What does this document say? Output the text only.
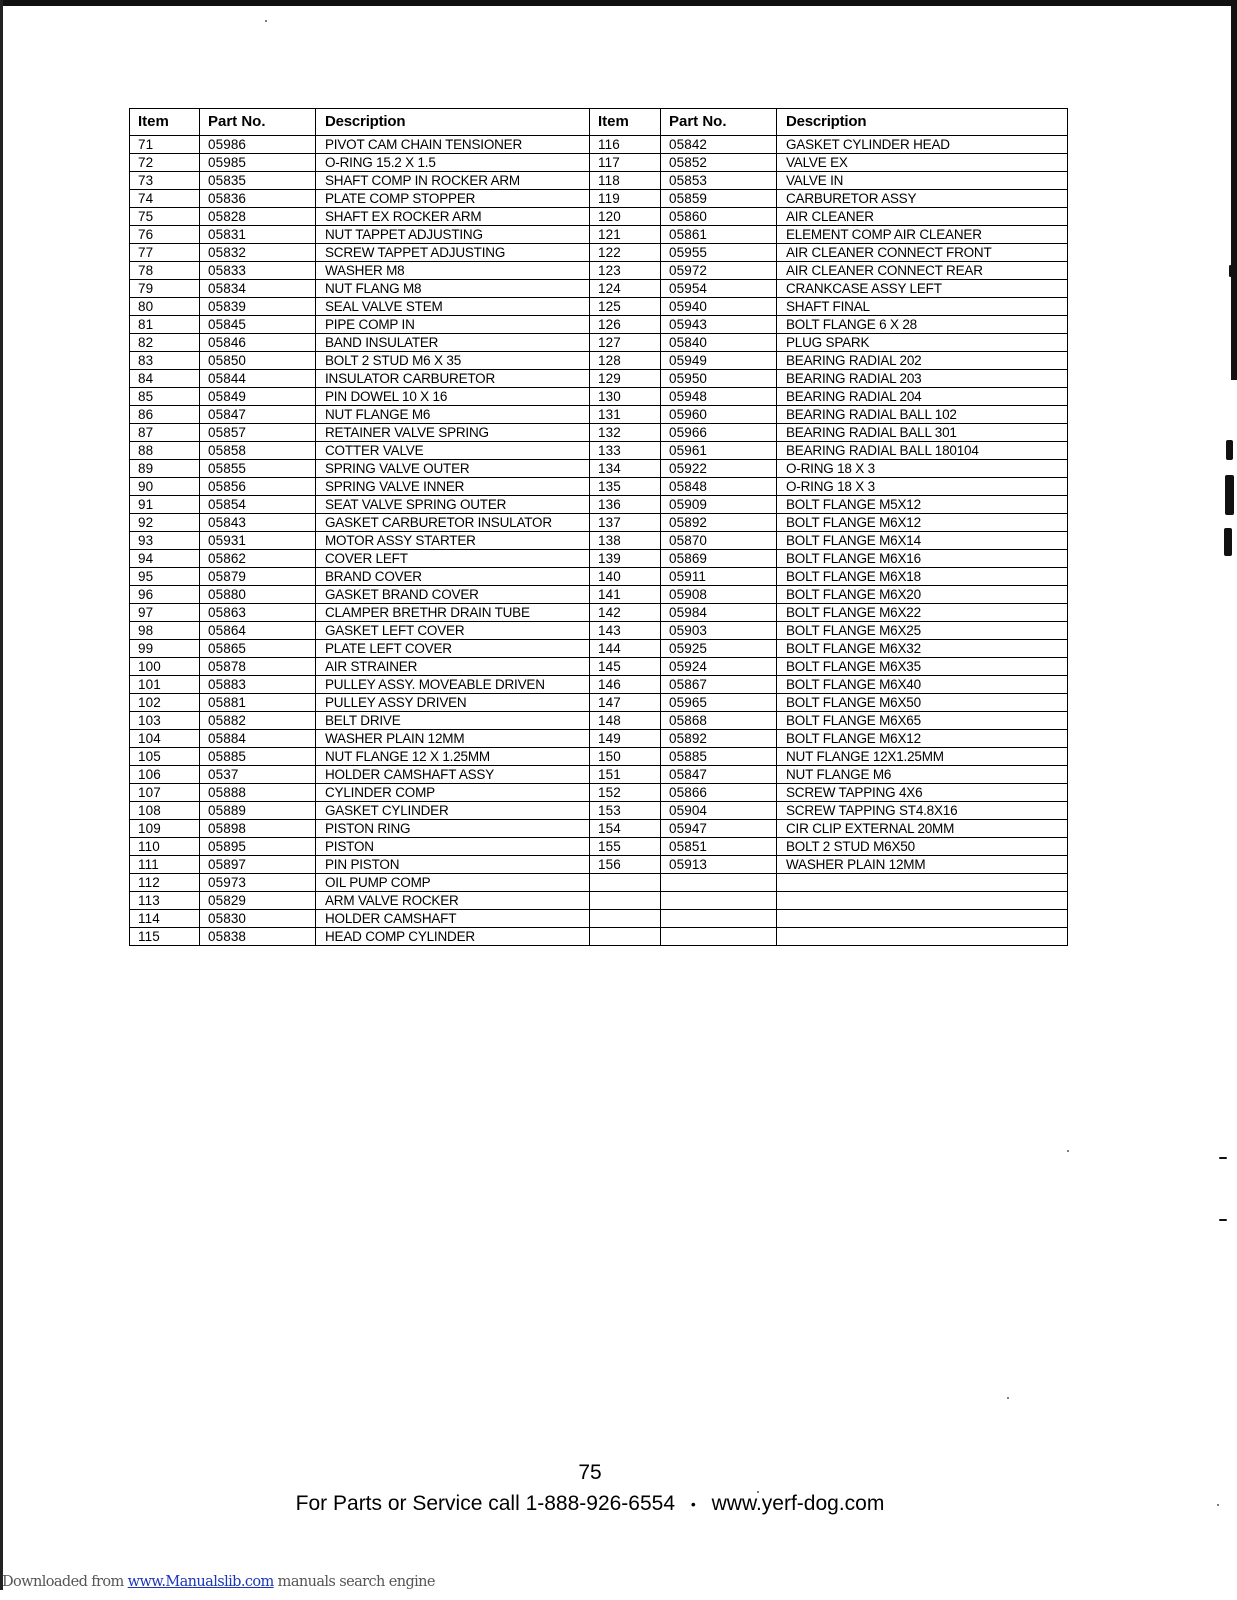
Item	Part No.	Description	Item	Part No.	Description
71	05986	PIVOT CAM CHAIN TENSIONER	116	05842	GASKET CYLINDER HEAD
72	05985	O-RING 15.2 X 1.5	117	05852	VALVE EX
73	05835	SHAFT COMP IN ROCKER ARM	118	05853	VALVE IN
74	05836	PLATE COMP STOPPER	119	05859	CARBURETOR ASSY
75	05828	SHAFT EX ROCKER ARM	120	05860	AIR CLEANER
76	05831	NUT TAPPET ADJUSTING	121	05861	ELEMENT COMP AIR CLEANER
77	05832	SCREW TAPPET ADJUSTING	122	05955	AIR CLEANER CONNECT FRONT
78	05833	WASHER M8	123	05972	AIR CLEANER CONNECT REAR
79	05834	NUT FLANG M8	124	05954	CRANKCASE ASSY LEFT
80	05839	SEAL VALVE STEM	125	05940	SHAFT FINAL
81	05845	PIPE COMP IN	126	05943	BOLT FLANGE 6 X 28
82	05846	BAND INSULATER	127	05840	PLUG SPARK
83	05850	BOLT 2 STUD M6 X 35	128	05949	BEARING RADIAL 202
84	05844	INSULATOR CARBURETOR	129	05950	BEARING RADIAL 203
85	05849	PIN DOWEL 10 X 16	130	05948	BEARING RADIAL 204
86	05847	NUT FLANGE M6	131	05960	BEARING RADIAL BALL 102
87	05857	RETAINER VALVE SPRING	132	05966	BEARING RADIAL BALL 301
88	05858	COTTER VALVE	133	05961	BEARING RADIAL BALL 180104
89	05855	SPRING VALVE OUTER	134	05922	O-RING 18 X 3
90	05856	SPRING VALVE INNER	135	05848	O-RING 18 X 3
91	05854	SEAT VALVE SPRING OUTER	136	05909	BOLT FLANGE M5X12
92	05843	GASKET CARBURETOR INSULATOR	137	05892	BOLT FLANGE M6X12
93	05931	MOTOR ASSY STARTER	138	05870	BOLT FLANGE M6X14
94	05862	COVER LEFT	139	05869	BOLT FLANGE M6X16
95	05879	BRAND COVER	140	05911	BOLT FLANGE M6X18
96	05880	GASKET BRAND COVER	141	05908	BOLT FLANGE M6X20
97	05863	CLAMPER BRETHR DRAIN TUBE	142	05984	BOLT FLANGE M6X22
98	05864	GASKET LEFT COVER	143	05903	BOLT FLANGE M6X25
99	05865	PLATE LEFT COVER	144	05925	BOLT FLANGE M6X32
100	05878	AIR STRAINER	145	05924	BOLT FLANGE M6X35
101	05883	PULLEY ASSY. MOVEABLE DRIVEN	146	05867	BOLT FLANGE M6X40
102	05881	PULLEY ASSY DRIVEN	147	05965	BOLT FLANGE M6X50
103	05882	BELT DRIVE	148	05868	BOLT FLANGE M6X65
104	05884	WASHER PLAIN 12MM	149	05892	BOLT FLANGE M6X12
105	05885	NUT FLANGE 12 X 1.25MM	150	05885	NUT FLANGE 12X1.25MM
106	0537	HOLDER CAMSHAFT ASSY	151	05847	NUT FLANGE M6
107	05888	CYLINDER COMP	152	05866	SCREW TAPPING 4X6
108	05889	GASKET CYLINDER	153	05904	SCREW TAPPING ST4.8X16
109	05898	PISTON RING	154	05947	CIR CLIP EXTERNAL 20MM
110	05895	PISTON	155	05851	BOLT 2 STUD M6X50
111	05897	PIN PISTON	156	05913	WASHER PLAIN 12MM
112	05973	OIL PUMP COMP			
113	05829	ARM VALVE ROCKER			
114	05830	HOLDER CAMSHAFT			
115	05838	HEAD COMP CYLINDER			
75
For Parts or Service call 1-888-926-6554 • www.yerf-dog.com
Downloaded from www.Manualslib.com manuals search engine
